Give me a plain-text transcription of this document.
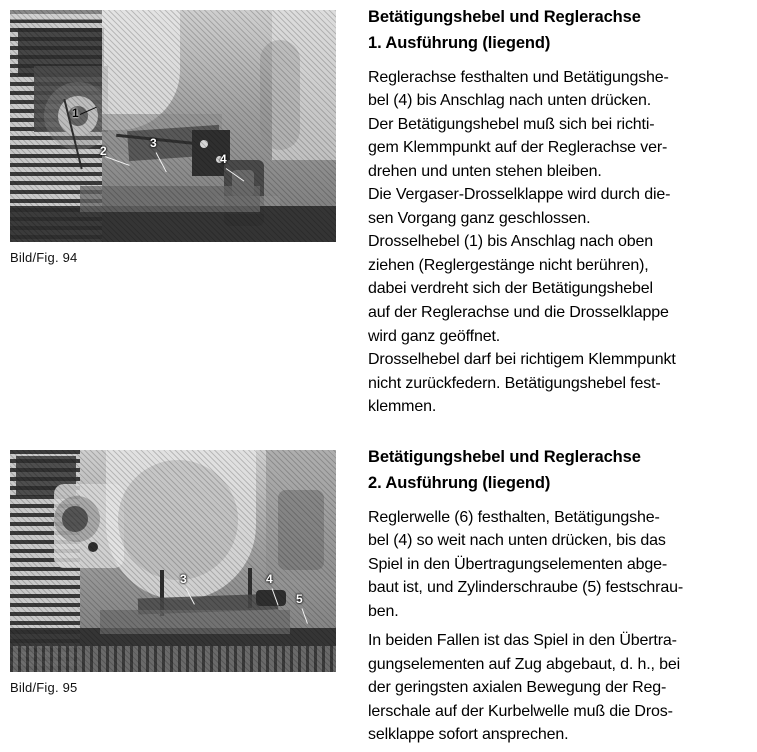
2
3
4
1
Bild/Fig. 94
Betätigungshebel und Reglerachse
1. Ausführung (liegend)

Reglerachse festhalten und Betätigungshe-

bel (4) bis Anschlag nach unten drücken.

Der Betätigungshebel muß sich bei richti-

gem Klemmpunkt auf der Reglerachse ver-

drehen und unten stehen bleiben.

Die Vergaser-Drosselklappe wird durch die-

sen Vorgang ganz geschlossen.

Drosselhebel (1) bis Anschlag nach oben

ziehen (Reglergestänge nicht berühren),

dabei verdreht sich der Betätigungshebel

auf der Reglerachse und die Drosselklappe

wird ganz geöffnet.

Drosselhebel darf bei richtigem Klemmpunkt

nicht zurückfedern. Betätigungshebel fest-

klemmen.

3	4
5
Bild/Fig. 95
Betätigungshebel und Reglerachse
2. Ausführung (liegend)

Reglerwelle (6) festhalten, Betätigungshe-

bel (4) so weit nach unten drücken, bis das

Spiel in den Übertragungselementen abge-

baut ist, und Zylinderschraube (5) festschrau-

ben.

In beiden Fallen ist das Spiel in den Übertra-

gungselementen auf Zug abgebaut, d. h., bei

der geringsten axialen Bewegung der Reg-

lerschale auf der Kurbelwelle muß die Dros-

selklappe sofort ansprechen.
